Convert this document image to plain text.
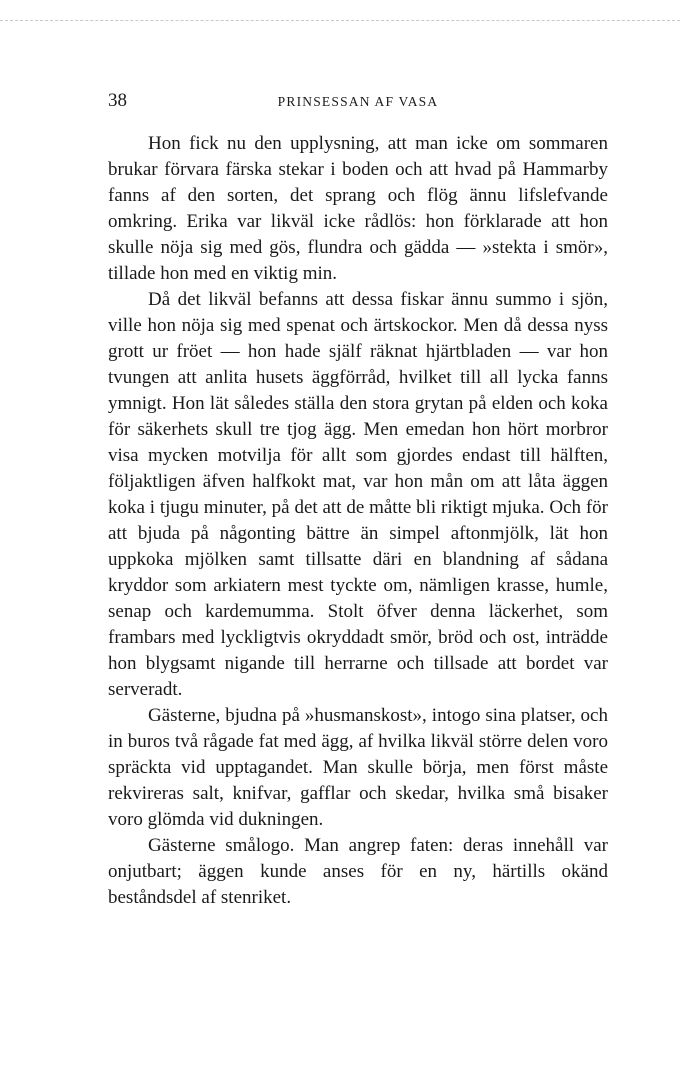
38	PRINSESSAN AF VASA

Hon fick nu den upplysning, att man icke om sommaren brukar förvara färska stekar i boden och att hvad på Hammarby fanns af den sorten, det sprang och flög ännu lifslefvande omkring. Erika var likväl icke rådlös: hon förklarade att hon skulle nöja sig med gös, flundra och gädda — »stekta i smör», tillade hon med en viktig min.

Då det likväl befanns att dessa fiskar ännu summo i sjön, ville hon nöja sig med spenat och ärtskockor. Men då dessa nyss grott ur fröet — hon hade själf räknat hjärtbladen — var hon tvungen att anlita husets äggförråd, hvilket till all lycka fanns ymnigt. Hon lät således ställa den stora grytan på elden och koka för säkerhets skull tre tjog ägg. Men emedan hon hört morbror visa mycken motvilja för allt som gjordes endast till hälften, följaktligen äfven halfkokt mat, var hon mån om att låta äggen koka i tjugu minuter, på det att de måtte bli riktigt mjuka. Och för att bjuda på någonting bättre än simpel aftonmjölk, lät hon uppkoka mjölken samt tillsatte däri en blandning af sådana kryddor som arkiatern mest tyckte om, nämligen krasse, humle, senap och kardemumma. Stolt öfver denna läckerhet, som frambars med lyckligtvis okryddadt smör, bröd och ost, inträdde hon blygsamt nigande till herrarne och tillsade att bordet var serveradt.

Gästerne, bjudna på »husmanskost», intogo sina platser, och in buros två rågade fat med ägg, af hvilka likväl större delen voro spräckta vid upptagandet. Man skulle börja, men först måste rekvireras salt, knifvar, gafflar och skedar, hvilka små bisaker voro glömda vid dukningen.

Gästerne smålogo. Man angrep faten: deras innehåll var onjutbart; äggen kunde anses för en ny, härtills okänd beståndsdel af stenriket.
